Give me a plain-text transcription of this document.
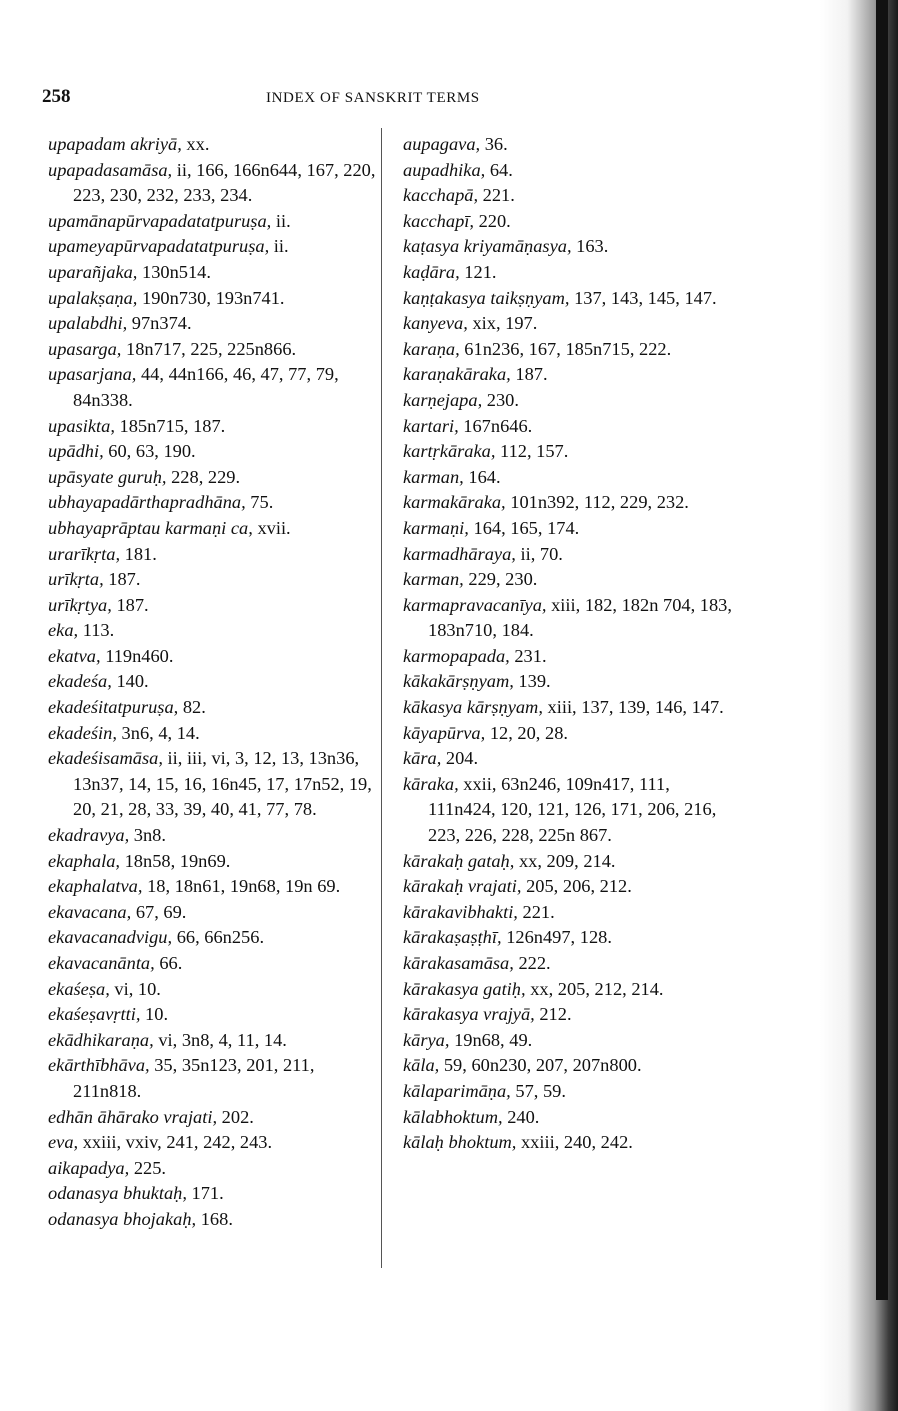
258	INDEX OF SANSKRIT TERMS
upapadam akriyā, xx.
upapadasamāsa, ii, 166, 166n644, 167, 220, 223, 230, 232, 233, 234.
upamānapūrvapadatatpuruṣa, ii.
upameyapūrvapadatatpuruṣa, ii.
uparañjaka, 130n514.
upalakṣaṇa, 190n730, 193n741.
upalabdhi, 97n374.
upasarga, 18n717, 225, 225n866.
upasarjana, 44, 44n166, 46, 47, 77, 79, 84n338.
upasikta, 185n715, 187.
upādhi, 60, 63, 190.
upāsyate guruḥ, 228, 229.
ubhayapadārthapradhāna, 75.
ubhayaprāptau karmaṇi ca, xvii.
urarīkṛta, 181.
urīkṛta, 187.
urīkṛtya, 187.
eka, 113.
ekatva, 119n460.
ekadeśa, 140.
ekadeśitatpuruṣa, 82.
ekadeśin, 3n6, 4, 14.
ekadeśisamāsa, ii, iii, vi, 3, 12, 13, 13n36, 13n37, 14, 15, 16, 16n45, 17, 17n52, 19, 20, 21, 28, 33, 39, 40, 41, 77, 78.
ekadravya, 3n8.
ekaphala, 18n58, 19n69.
ekaphalatva, 18, 18n61, 19n68, 19n 69.
ekavacana, 67, 69.
ekavacanadvigu, 66, 66n256.
ekavacanānta, 66.
ekaśeṣa, vi, 10.
ekaśeṣavṛtti, 10.
ekādhikaraṇa, vi, 3n8, 4, 11, 14.
ekārthībhāva, 35, 35n123, 201, 211, 211n818.
edhān āhārako vrajati, 202.
eva, xxiii, vxiv, 241, 242, 243.
aikapadya, 225.
odanasya bhuktaḥ, 171.
odanasya bhojakaḥ, 168.
aupagava, 36.
aupadhika, 64.
kacchapā, 221.
kacchapī, 220.
kaṭasya kriyamāṇasya, 163.
kaḍāra, 121.
kaṇṭakasya taikṣṇyam, 137, 143, 145, 147.
kanyeva, xix, 197.
karaṇa, 61n236, 167, 185n715, 222.
karaṇakāraka, 187.
karṇejapa, 230.
kartari, 167n646.
kartṛkāraka, 112, 157.
karman, 164.
karmakāraka, 101n392, 112, 229, 232.
karmaṇi, 164, 165, 174.
karmadhāraya, ii, 70.
karman, 229, 230.
karmapravacanīya, xiii, 182, 182n 704, 183, 183n710, 184.
karmopapada, 231.
kākakārṣṇyam, 139.
kākasya kārṣṇyam, xiii, 137, 139, 146, 147.
kāyapūrva, 12, 20, 28.
kāra, 204.
kāraka, xxii, 63n246, 109n417, 111, 111n424, 120, 121, 126, 171, 206, 216, 223, 226, 228, 225n 867.
kārakaḥ gataḥ, xx, 209, 214.
kārakaḥ vrajati, 205, 206, 212.
kārakavibhakti, 221.
kārakaṣaṣṭhī, 126n497, 128.
kārakasamāsa, 222.
kārakasya gatiḥ, xx, 205, 212, 214.
kārakasya vrajyā, 212.
kārya, 19n68, 49.
kāla, 59, 60n230, 207, 207n800.
kālaparimāṇa, 57, 59.
kālabhoktum, 240.
kālaḥ bhoktum, xxiii, 240, 242.
